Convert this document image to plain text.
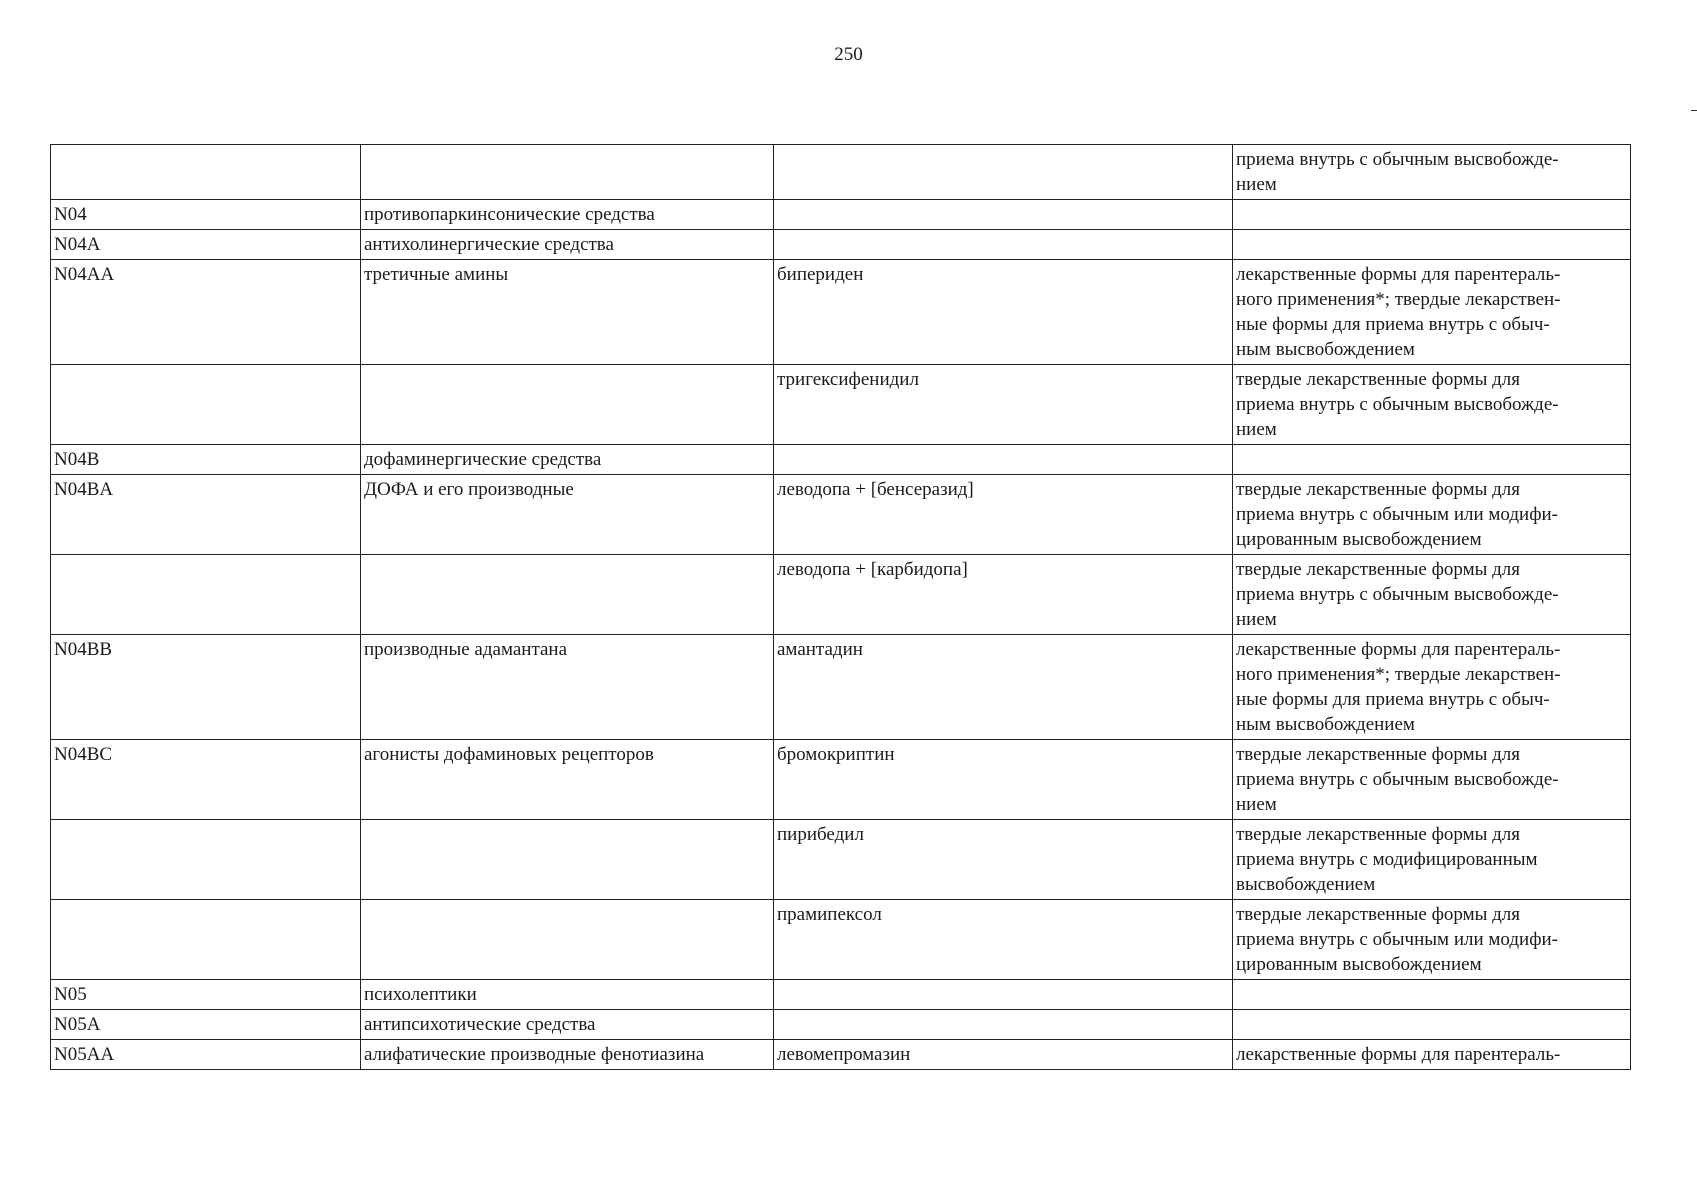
250
			приема внутрь с обычным высвобожде-
нием
N04	противопаркинсонические средства		
N04A	антихолинергические средства		
N04AA	третичные амины	бипериден	лекарственные формы для парентераль-
ного применения*; твердые лекарствен-
ные формы для приема внутрь с обыч-
ным высвобождением
		тригексифенидил	твердые лекарственные формы для
приема внутрь с обычным высвобожде-
нием
N04B	дофаминергические средства		
N04BA	ДОФА и его производные	леводопа + [бенсеразид]	твердые лекарственные формы для
приема внутрь с обычным или модифи-
цированным высвобождением
		леводопа + [карбидопа]	твердые лекарственные формы для
приема внутрь с обычным высвобожде-
нием
N04BB	производные адамантана	амантадин	лекарственные формы для парентераль-
ного применения*; твердые лекарствен-
ные формы для приема внутрь с обыч-
ным высвобождением
N04BC	агонисты дофаминовых рецепторов	бромокриптин	твердые лекарственные формы для
приема внутрь с обычным высвобожде-
нием
		пирибедил	твердые лекарственные формы для
приема внутрь с модифицированным
высвобождением
		прамипексол	твердые лекарственные формы для
приема внутрь с обычным или модифи-
цированным высвобождением
N05	психолептики		
N05A	антипсихотические средства		
N05AA	алифатические производные фенотиазина	левомепромазин	лекарственные формы для парентераль-
